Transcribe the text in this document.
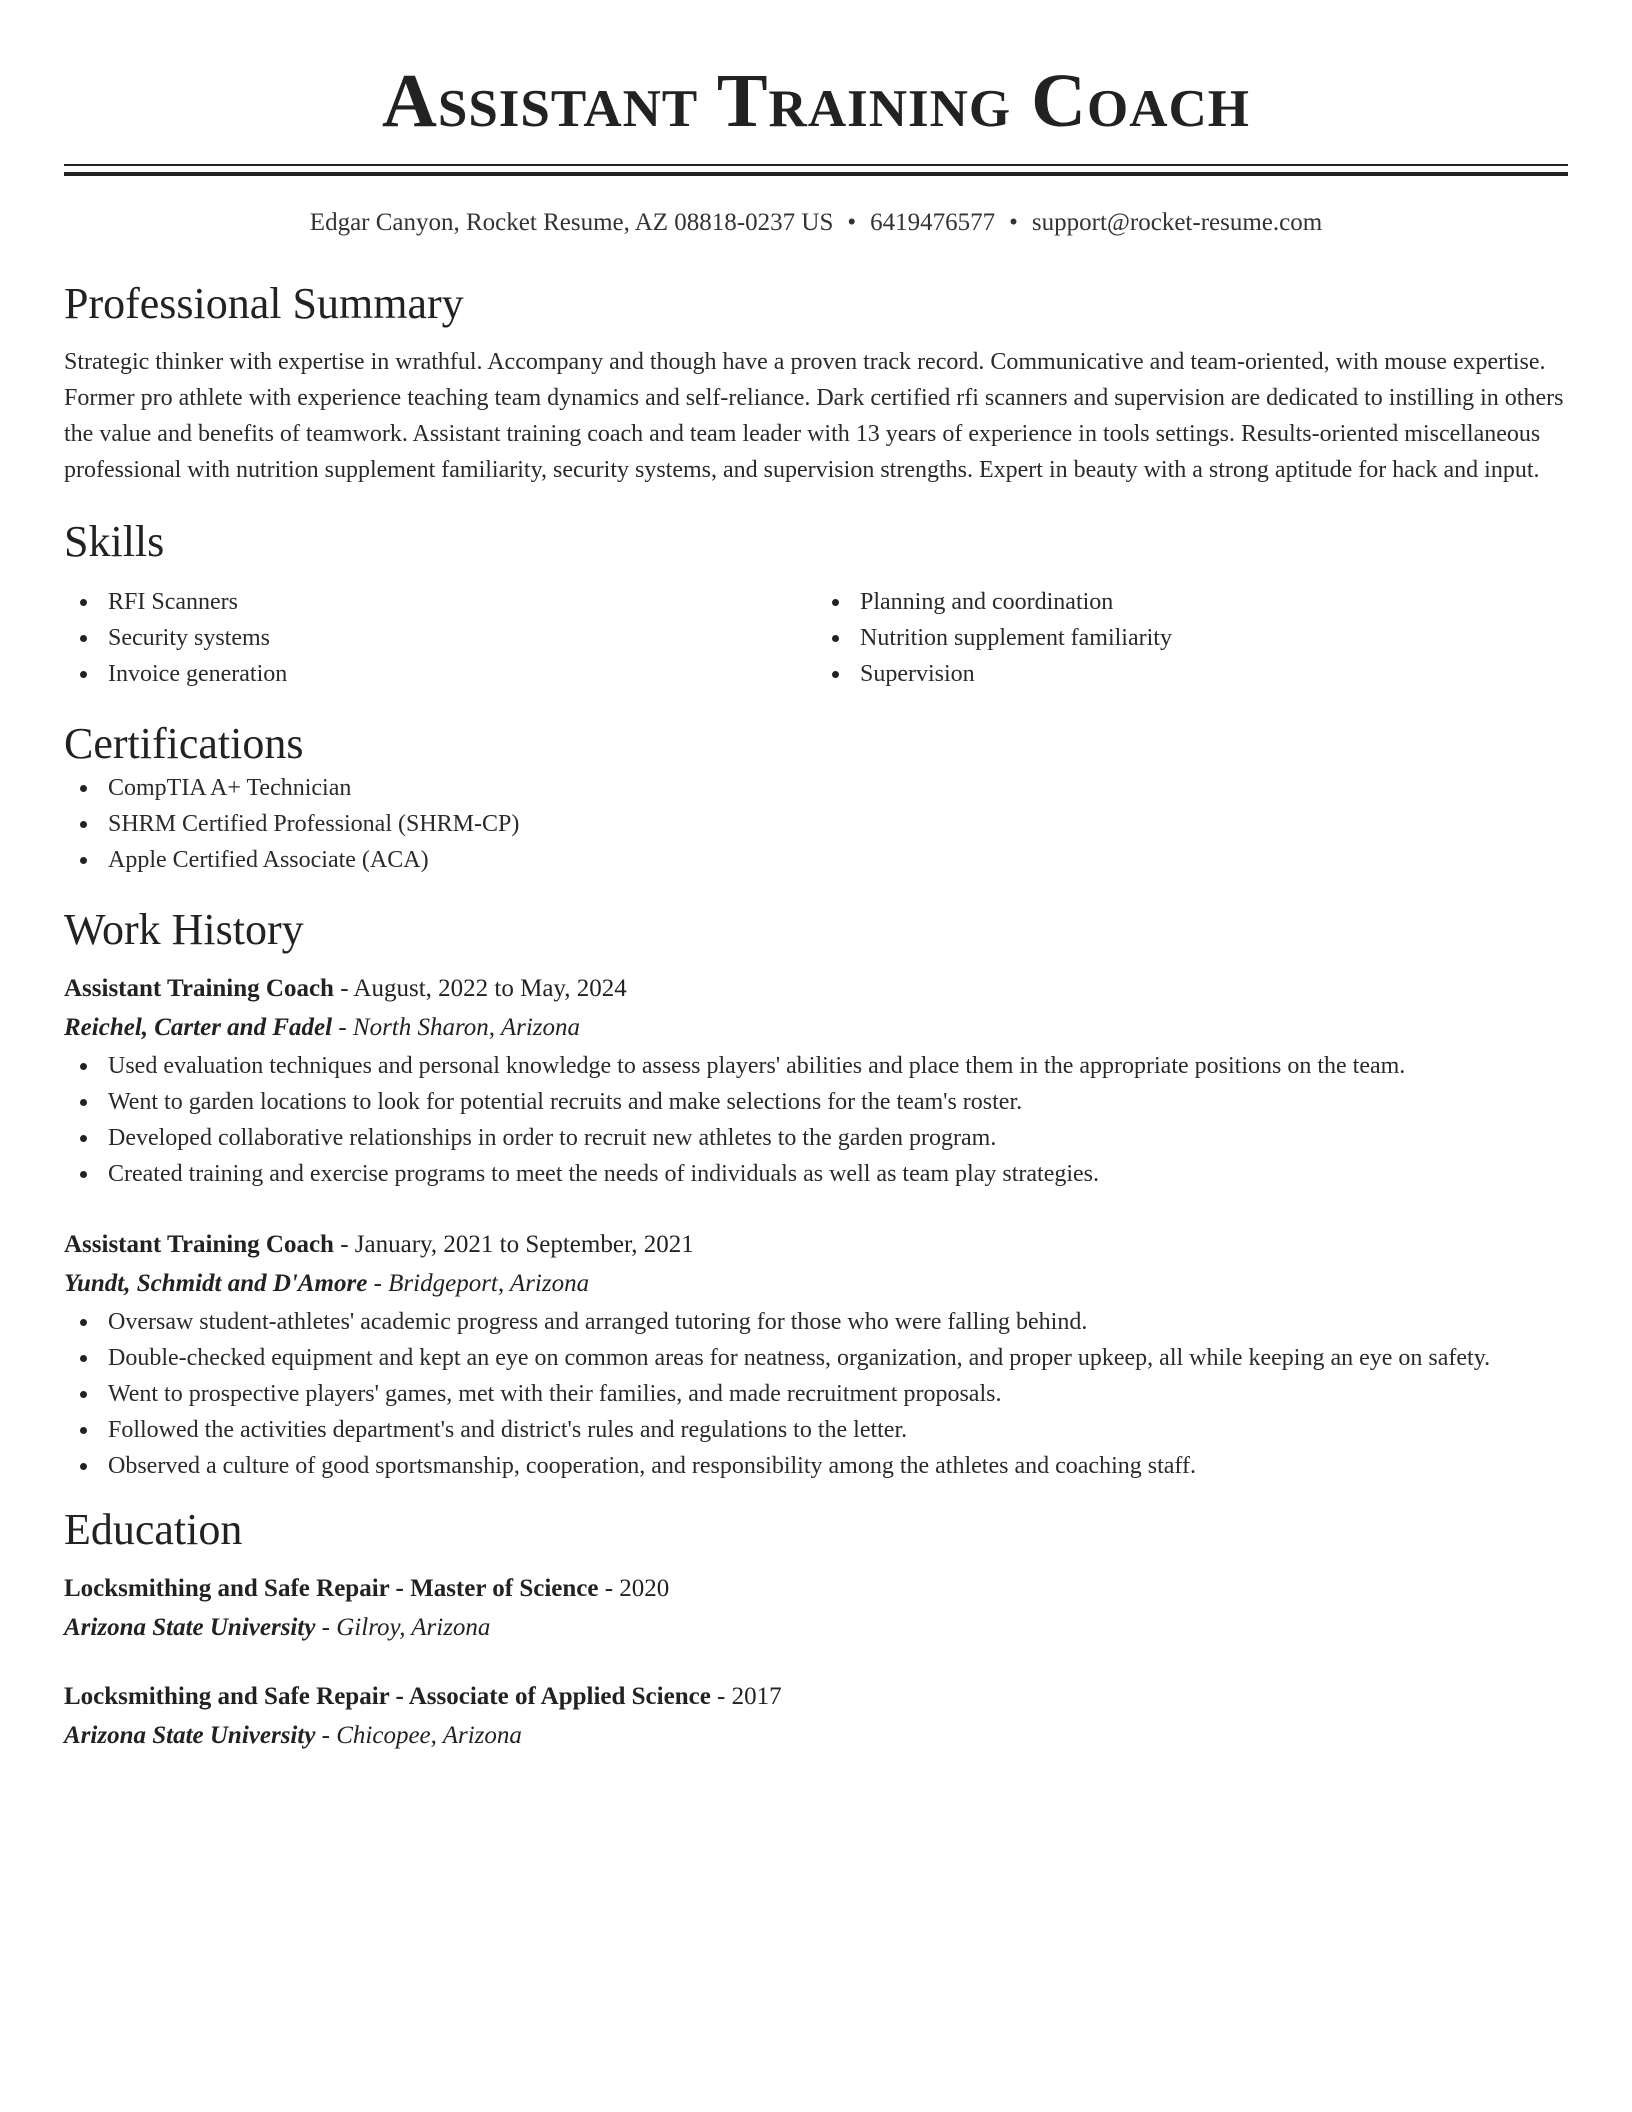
Assistant Training Coach
Edgar Canyon, Rocket Resume, AZ 08818-0237 US • 6419476577 • support@rocket-resume.com
Professional Summary

Strategic thinker with expertise in wrathful. Accompany and though have a proven track record. Communicative and team-oriented, with mouse expertise. Former pro athlete with experience teaching team dynamics and self-reliance. Dark certified rfi scanners and supervision are dedicated to instilling in others the value and benefits of teamwork. Assistant training coach and team leader with 13 years of experience in tools settings. Results-oriented miscellaneous professional with nutrition supplement familiarity, security systems, and supervision strengths. Expert in beauty with a strong aptitude for hack and input.

Skills
RFI Scanners
Security systems
Invoice generation
Planning and coordination
Nutrition supplement familiarity
Supervision
Certifications
CompTIA A+ Technician
SHRM Certified Professional (SHRM-CP)
Apple Certified Associate (ACA)
Work History
Assistant Training Coach - August, 2022 to May, 2024
Reichel, Carter and Fadel - North Sharon, Arizona
Used evaluation techniques and personal knowledge to assess players' abilities and place them in the appropriate positions on the team.
Went to garden locations to look for potential recruits and make selections for the team's roster.
Developed collaborative relationships in order to recruit new athletes to the garden program.
Created training and exercise programs to meet the needs of individuals as well as team play strategies.
Assistant Training Coach - January, 2021 to September, 2021
Yundt, Schmidt and D'Amore - Bridgeport, Arizona
Oversaw student-athletes' academic progress and arranged tutoring for those who were falling behind.
Double-checked equipment and kept an eye on common areas for neatness, organization, and proper upkeep, all while keeping an eye on safety.
Went to prospective players' games, met with their families, and made recruitment proposals.
Followed the activities department's and district's rules and regulations to the letter.
Observed a culture of good sportsmanship, cooperation, and responsibility among the athletes and coaching staff.
Education
Locksmithing and Safe Repair - Master of Science - 2020
Arizona State University - Gilroy, Arizona
Locksmithing and Safe Repair - Associate of Applied Science - 2017
Arizona State University - Chicopee, Arizona
